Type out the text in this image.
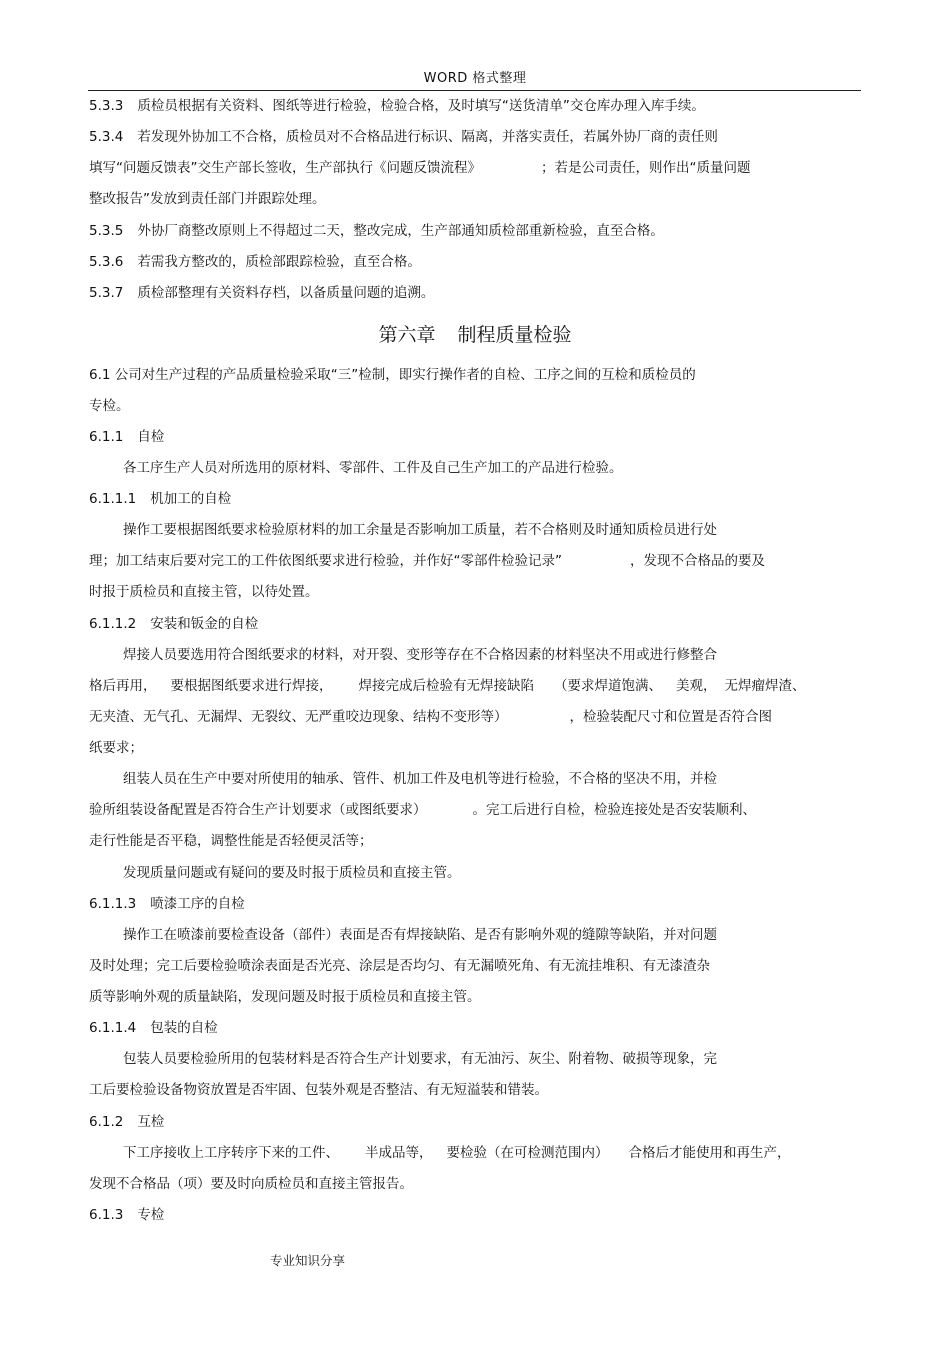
WORD 格式整理
5.3.3 质检员根据有关资料、图纸等进行检验，检验合格，及时填写“送货清单”交仓库办理入库手续。
5.3.4 若发现外协加工不合格，质检员对不合格品进行标识、隔离，并落实责任，若属外协厂商的责任则
填写“问题反馈表”交生产部长签收，生产部执行《问题反馈流程》	；若是公司责任，则作出“质量问题
整改报告”发放到责任部门并跟踪处理。
5.3.5 外协厂商整改原则上不得超过二天，整改完成，生产部通知质检部重新检验，直至合格。
5.3.6 若需我方整改的，质检部跟踪检验，直至合格。
5.3.7 质检部整理有关资料存档，以备质量问题的追溯。
第六章 制程质量检验
6.1 公司对生产过程的产品质量检验采取“三”检制，即实行操作者的自检、工序之间的互检和质检员的
专检。
6.1.1 自检
各工序生产人员对所选用的原材料、零部件、工件及自己生产加工的产品进行检验。
6.1.1.1 机加工的自检
操作工要根据图纸要求检验原材料的加工余量是否影响加工质量，若不合格则及时通知质检员进行处
理；加工结束后要对完工的工件依图纸要求进行检验，并作好“零部件检验记录”	，发现不合格品的要及
时报于质检员和直接主管，以待处置。
6.1.1.2 安装和钣金的自检
焊接人员要选用符合图纸要求的材料，对开裂、变形等存在不合格因素的材料坚决不用或进行修整合
格后再用， 要根据图纸要求进行焊接， 焊接完成后检验有无焊接缺陷 （要求焊道饱满、 美观， 无焊瘤焊渣、
无夹渣、无气孔、无漏焊、无裂纹、无严重咬边现象、结构不变形等）	，检验装配尺寸和位置是否符合图
纸要求；
组装人员在生产中要对所使用的轴承、管件、机加工件及电机等进行检验，不合格的坚决不用，并检
验所组装设备配置是否符合生产计划要求（或图纸要求）	。完工后进行自检，检验连接处是否安装顺利、
走行性能是否平稳，调整性能是否轻便灵活等；
发现质量问题或有疑问的要及时报于质检员和直接主管。
6.1.1.3 喷漆工序的自检
操作工在喷漆前要检查设备（部件）表面是否有焊接缺陷、是否有影响外观的缝隙等缺陷，并对问题
及时处理；完工后要检验喷涂表面是否光亮、涂层是否均匀、有无漏喷死角、有无流挂堆积、有无漆渣杂
质等影响外观的质量缺陷，发现问题及时报于质检员和直接主管。
6.1.1.4 包装的自检
包装人员要检验所用的包装材料是否符合生产计划要求，有无油污、灰尘、附着物、破损等现象，完
工后要检验设备物资放置是否牢固、包装外观是否整洁、有无短溢装和错装。
6.1.2 互检
下工序接收上工序转序下来的工件、 半成品等， 要检验（在可检测范围内） 合格后才能使用和再生产，
发现不合格品（项）要及时向质检员和直接主管报告。
6.1.3 专检
专业知识分享
